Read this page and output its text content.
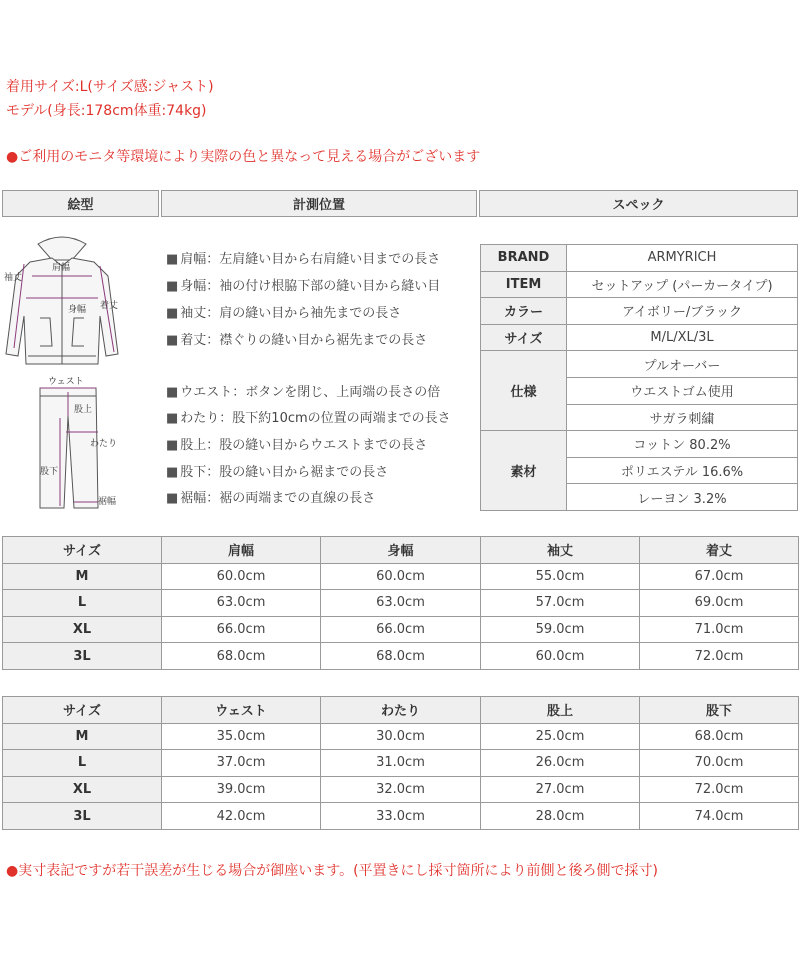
着用サイズ:L(サイズ感:ジャスト)
モデル(身長:178cm体重:74kg)
●ご利用のモニタ等環境により実際の色と異なって見える場合がございます
絵型	計測位置	スペック
肩幅
袖丈
身幅 着丈
ウェスト
股上
わたり
股下
裾幅
■ 肩幅：左肩縫い目から右肩縫い目までの長さ
■ 身幅：袖の付け根脇下部の縫い目から縫い目
■ 袖丈：肩の縫い目から袖先までの長さ
■ 着丈：襟ぐりの縫い目から裾先までの長さ
■ ウエスト：ボタンを閉じ、上両端の長さの倍
■ わたり：股下約10cmの位置の両端までの長さ
■ 股上：股の縫い目からウエストまでの長さ
■ 股下：股の縫い目から裾までの長さ
■ 裾幅：裾の両端までの直線の長さ
BRAND	ARMYRICH
ITEM	セットアップ (パーカータイプ)
カラー	アイボリー/ブラック
サイズ	M/L/XL/3L
仕様	プルオーバー
	ウエストゴム使用
	サガラ刺繍
素材	コットン 80.2%
	ポリエステル 16.6%
	レーヨン 3.2%
サイズ	肩幅	身幅	袖丈	着丈
M	60.0cm	60.0cm	55.0cm	67.0cm
L	63.0cm	63.0cm	57.0cm	69.0cm
XL	66.0cm	66.0cm	59.0cm	71.0cm
3L	68.0cm	68.0cm	60.0cm	72.0cm
サイズ	ウェスト	わたり	股上	股下
M	35.0cm	30.0cm	25.0cm	68.0cm
L	37.0cm	31.0cm	26.0cm	70.0cm
XL	39.0cm	32.0cm	27.0cm	72.0cm
3L	42.0cm	33.0cm	28.0cm	74.0cm
●実寸表記ですが若干誤差が生じる場合が御座います。(平置きにし採寸箇所により前側と後ろ側で採寸)
